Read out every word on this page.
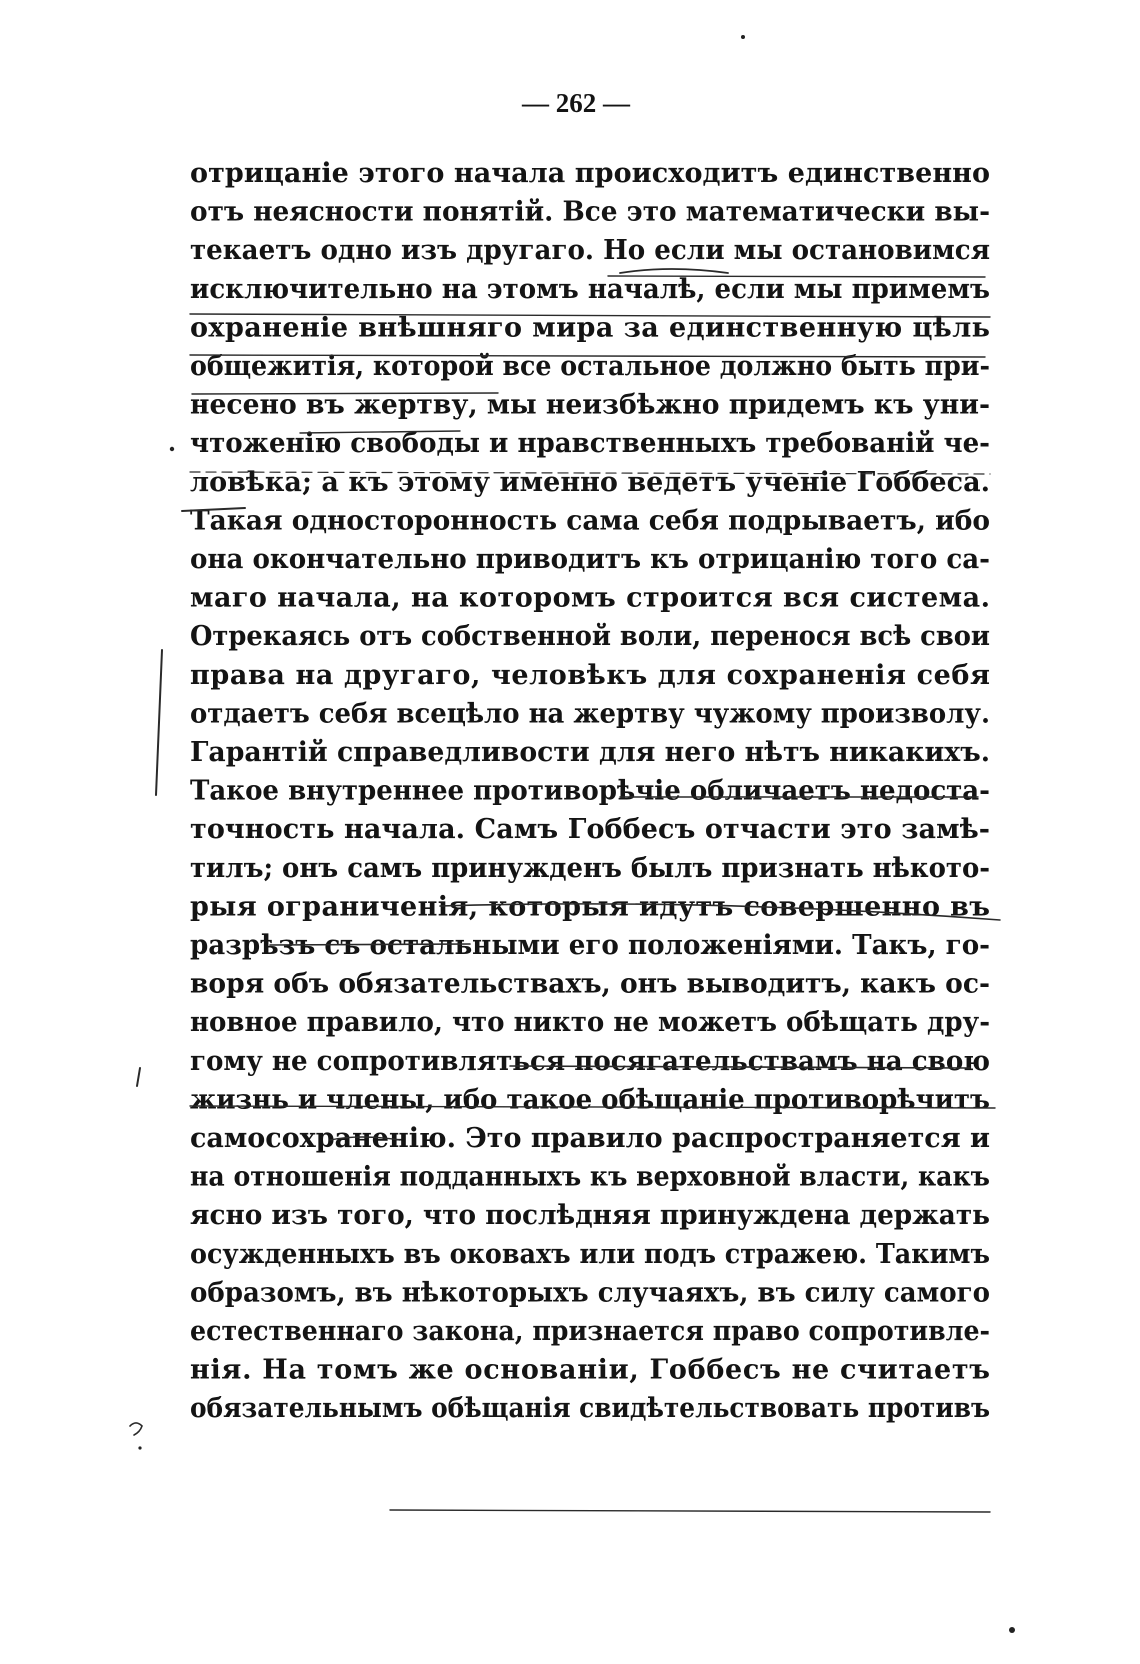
— 262 —
отрицаніе этого начала происходитъ единственно
отъ неясности понятій. Все это математически вы-
текаетъ одно изъ другаго. Но если мы остановимся
исключительно на этомъ началѣ, если мы примемъ
охраненіе внѣшняго мира за единственную цѣль
общежитія, которой все остальное должно быть при-
несено въ жертву, мы неизбѣжно придемъ къ уни-
чтоженію свободы и нравственныхъ требованій че-
ловѣка; а къ этому именно ведетъ ученіе Гоббеса.
Такая односторонность сама себя подрываетъ, ибо
она окончательно приводитъ къ отрицанію того са-
маго начала, на которомъ строится вся система.
Отрекаясь отъ собственной воли, перенося всѣ свои
права на другаго, человѣкъ для сохраненія себя
отдаетъ себя всецѣло на жертву чужому произволу.
Гарантій справедливости для него нѣтъ никакихъ.
Такое внутреннее противорѣчіе обличаетъ недоста-
точность начала. Самъ Гоббесъ отчасти это замѣ-
тилъ; онъ самъ принужденъ былъ признать нѣкото-
рыя ограниченія, которыя идутъ совершенно въ
разрѣзъ съ остальными его положеніями. Такъ, го-
воря объ обязательствахъ, онъ выводитъ, какъ ос-
новное правило, что никто не можетъ обѣщать дру-
гому не сопротивляться посягательствамъ на свою
жизнь и члены, ибо такое обѣщаніе противорѣчитъ
самосохраненію. Это правило распространяется и
на отношенія подданныхъ къ верховной власти, какъ
ясно изъ того, что послѣдняя принуждена держать
осужденныхъ въ оковахъ или подъ стражею. Такимъ
образомъ, въ нѣкоторыхъ случаяхъ, въ силу самого
естественнаго закона, признается право сопротивле-
нія. На томъ же основаніи, Гоббесъ не считаетъ
обязательнымъ обѣщанія свидѣтельствовать противъ
